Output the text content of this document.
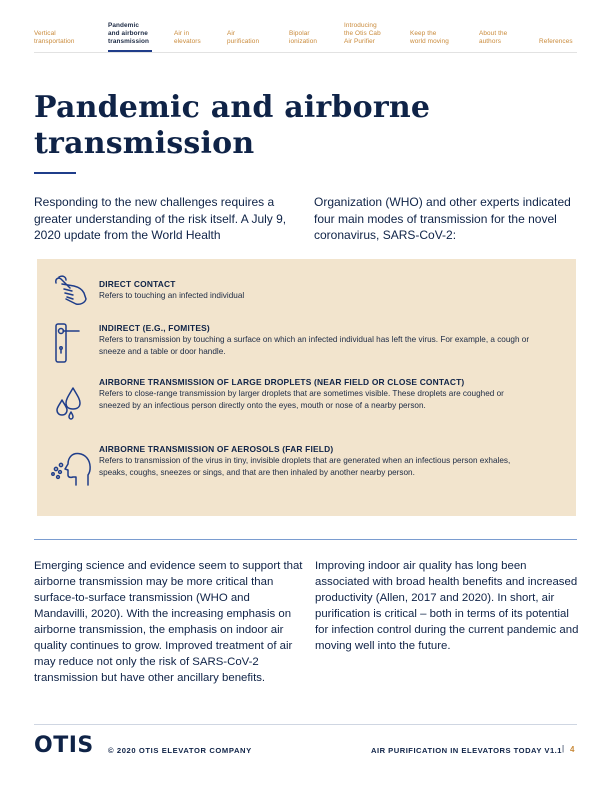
Vertical
transportation
Pandemic
and airborne
transmission
Air in
elevators
Air
purification
Bipolar
ionization
Introducing
the Otis Cab
Air Purifier
Keep the
world moving
About the
authors	References
Pandemic and airborne transmission
Responding to the new challenges requires a greater understanding of the risk itself. A July 9, 2020 update from the World Health
Organization (WHO) and other experts indicated four main modes of transmission for the novel coronavirus, SARS-CoV-2:
DIRECT CONTACT
Refers to touching an infected individual
INDIRECT (E.G., FOMITES)
Refers to transmission by touching a surface on which an infected individual has left the virus. For example, a cough or sneeze and a table or door handle.
AIRBORNE TRANSMISSION OF LARGE DROPLETS (NEAR FIELD OR CLOSE CONTACT)
Refers to close-range transmission by larger droplets that are sometimes visible. These droplets are coughed or sneezed by an infectious person directly onto the eyes, mouth or nose of a nearby person.
AIRBORNE TRANSMISSION OF AEROSOLS (FAR FIELD)
Refers to transmission of the virus in tiny, invisible droplets that are generated when an infectious person exhales, speaks, coughs, sneezes or sings, and that are then inhaled by another nearby person.
Emerging science and evidence seem to support that airborne transmission may be more critical than surface-to-surface transmission (WHO and Mandavilli, 2020). With the increasing emphasis on airborne transmission, the emphasis on indoor air quality continues to grow. Improved treatment of air may reduce not only the risk of SARS-CoV-2 transmission but have other ancillary benefits.
Improving indoor air quality has long been associated with broad health benefits and increased productivity (Allen, 2017 and 2020). In short, air purification is critical – both in terms of its potential for infection control during the current pandemic and moving well into the future.
OTIS © 2020 OTIS ELEVATOR COMPANY	AIR PURIFICATION IN ELEVATORS TODAY V1.1 | 4
